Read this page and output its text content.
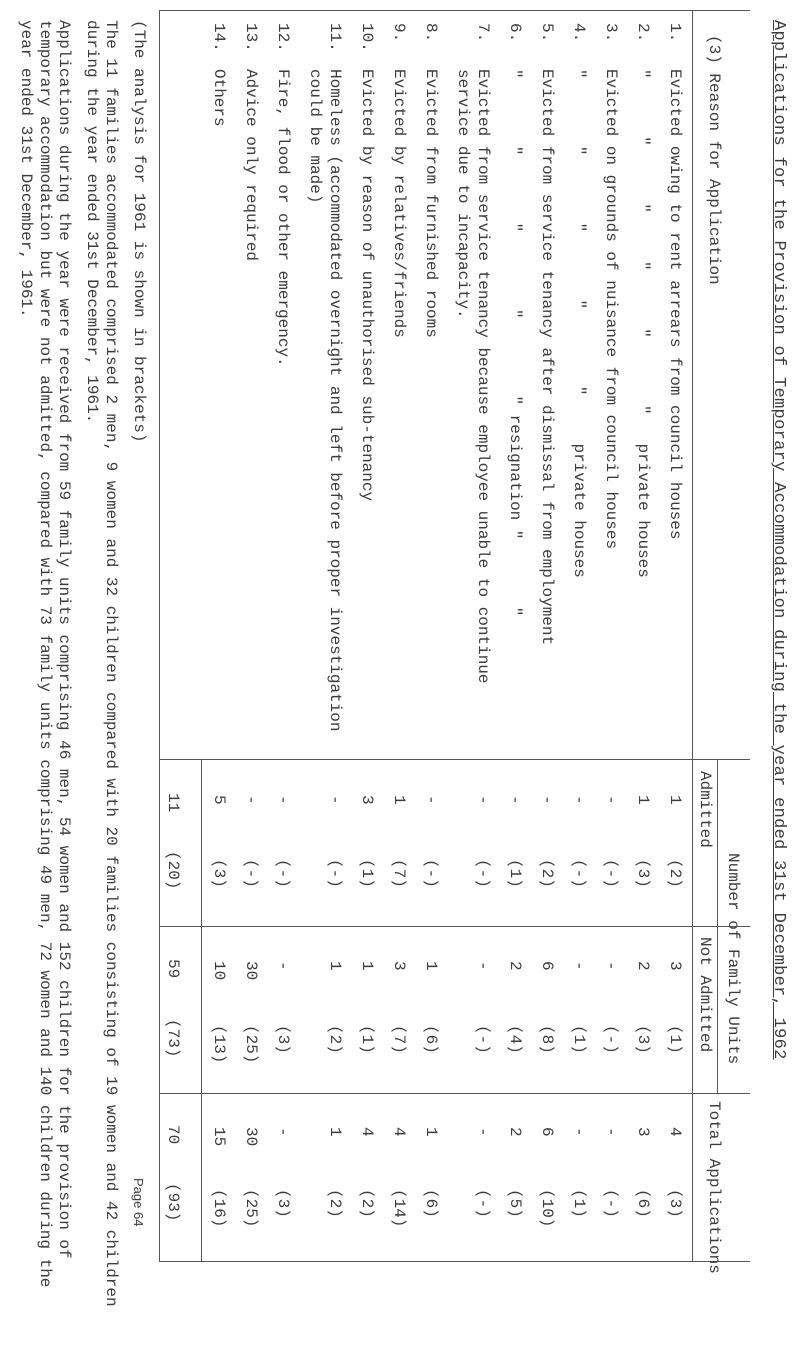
Applications for the Provision of Temporary Accommodation during the year ended 31st December, 1962
(3) Reason for Application
Number of Family Units
Admitted
Not Admitted
Total Applications
1.
Evicted owing to rent arrears from council houses
1
(2)
3
(1)
4
(3)
2.
"      "      "     "      "       "   private houses
1
(3)
2
(3)
3
(6)
3.
Evicted on grounds of nuisance from council houses
-
(-)
-
(-)
-
(-)
4.
"       "       "       "        "     private houses
-
(-)
-
(1)
-
(1)
5.
Evicted from service tenancy after dismissal from employment
-
(2)
6
(8)
6
(10)
6.
"       "       "        "        " resignation "       "
-
(1)
2
(4)
2
(5)
7.
Evicted from service tenancy because employee unable to continue
-
(-)
-
(-)
-
(-)
service due to incapacity.
8.
Evicted from furnished rooms
-
(-)
1
(6)
1
(6)
9.
Evicted by relatives/friends
1
(7)
3
(7)
4
(14)
10.
Evicted by reason of unauthorised sub-tenancy
3
(1)
1
(1)
4
(2)
11.
Homeless (accommodated overnight and left before proper investigation
-
(-)
1
(2)
1
(2)
could be made)
12.
Fire, flood or other emergency.
-
(-)
-
(3)
-
(3)
13.
Advice only required
-
(-)
30
(25)
30
(25)
14.
Others
5
(3)
10
(13)
15
(16)
11
(20)
59
(73)
70
(93)
(The analysis for 1961 is shown in brackets)
The 11 families accommodated comprised 2 men, 9 women and 32 children compared with 20 families consisting of 19 women and 42 children
during the year ended 31st December, 1961.
Applications during the year were received from 59 family units comprising 46 men, 54 women and 152 children for the provision of
temporary accommodation but were not admitted, compared with 73 family units comprising 49 men, 72 women and 140 children during the
year ended 31st December, 1961.
Page 64
